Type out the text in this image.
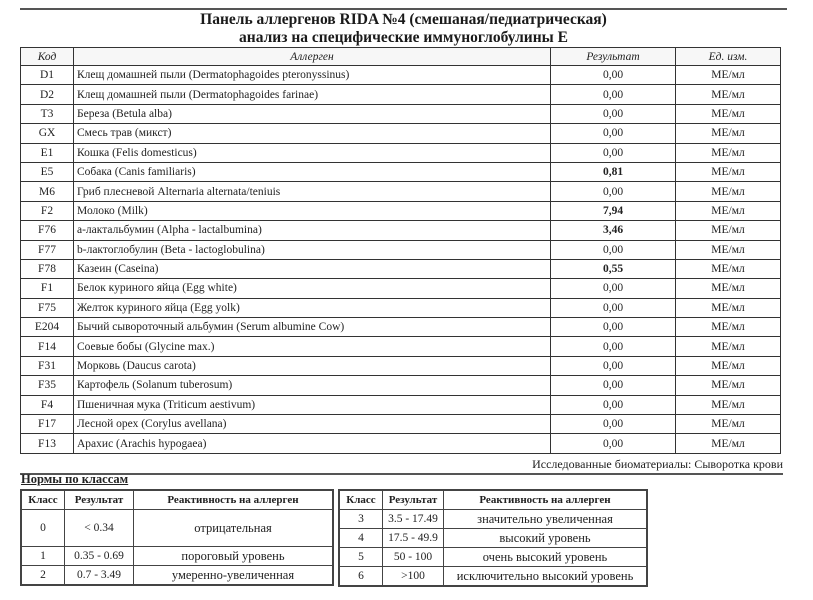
Панель аллергенов RIDA №4 (смешаная/педиатрическая)
анализ на специфические иммуноглобулины Е
Код	Аллерген	Результат	Ед. изм.
D1	Клещ домашней пыли (Dermatophagoides pteronyssinus)	0,00	МЕ/мл
D2	Клещ домашней пыли (Dermatophagoides farinae)	0,00	МЕ/мл
T3	Береза (Betula alba)	0,00	МЕ/мл
GX	Смесь трав (микст)	0,00	МЕ/мл
E1	Кошка (Felis domesticus)	0,00	МЕ/мл
E5	Собака (Canis familiaris)	0,81	МЕ/мл
M6	Гриб плесневой Alternaria alternata/teniuis	0,00	МЕ/мл
F2	Молоко (Milk)	7,94	МЕ/мл
F76	a-лактальбумин (Alpha - lactalbumina)	3,46	МЕ/мл
F77	b-лактоглобулин (Beta - lactoglobulina)	0,00	МЕ/мл
F78	Казеин (Caseina)	0,55	МЕ/мл
F1	Белок куриного яйца (Egg white)	0,00	МЕ/мл
F75	Желток куриного яйца (Egg yolk)	0,00	МЕ/мл
E204	Бычий сывороточный альбумин (Serum albumine Cow)	0,00	МЕ/мл
F14	Соевые бобы (Glycine max.)	0,00	МЕ/мл
F31	Морковь (Daucus carota)	0,00	МЕ/мл
F35	Картофель (Solanum tuberosum)	0,00	МЕ/мл
F4	Пшеничная мука (Triticum aestivum)	0,00	МЕ/мл
F17	Лесной орех (Corylus avellana)	0,00	МЕ/мл
F13	Арахис (Arachis hypogaea)	0,00	МЕ/мл
Исследованные биоматериалы: Сыворотка крови
Нормы по классам
Класс	Результат	Реактивность на аллерген
0	< 0.34	отрицательная
1	0.35 - 0.69	пороговый уровень
2	0.7 - 3.49	умеренно-увеличенная
Класс	Результат	Реактивность на аллерген
3	3.5 - 17.49	значительно увеличенная
4	17.5 - 49.9	высокий уровень
5	50 - 100	очень высокий уровень
6	>100	исключительно высокий уровень
